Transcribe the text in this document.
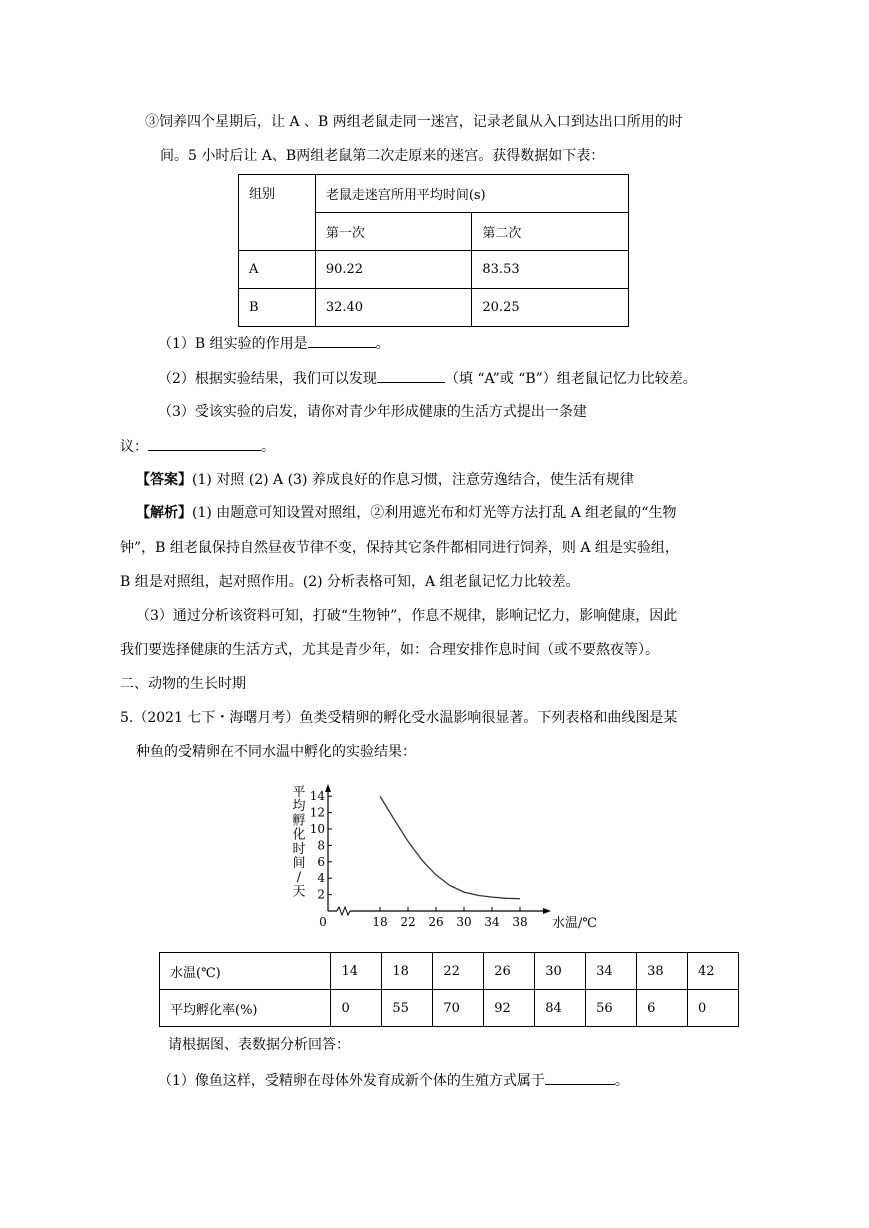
③饲养四个星期后，让 A 、B 两组老鼠走同一迷宫，记录老鼠从入口到达出口所用的时
间。5 小时后让 A、B两组老鼠第二次走原来的迷宫。获得数据如下表：
组别	老鼠走迷宫所用平均时间(s)	
	第一次	第二次
A	90.22	83.53
B	32.40	20.25
（1）B 组实验的作用是	。
（2）根据实验结果，我们可以发现	（填 “A”或 “B”）组老鼠记忆力比较差。
（3）受该实验的启发，请你对青少年形成健康的生活方式提出一条建
议：	。
【答案】(1) 对照 (2) A (3) 养成良好的作息习惯，注意劳逸结合，使生活有规律
【解析】(1) 由题意可知设置对照组，②利用遮光布和灯光等方法打乱 A 组老鼠的“生物
钟”，B 组老鼠保持自然昼夜节律不变，保持其它条件都相同进行饲养，则 A 组是实验组，
B 组是对照组，起对照作用。(2) 分析表格可知，A 组老鼠记忆力比较差。
（3）通过分析该资料可知，打破“生物钟”，作息不规律，影响记忆力，影响健康，因此
我们要选择健康的生活方式，尤其是青少年，如：合理安排作息时间（或不要熬夜等）。
二、动物的生长时期
5.（2021 七下・海曙月考）鱼类受精卵的孵化受水温影响很显著。下列表格和曲线图是某
种鱼的受精卵在不同水温中孵化的实验结果：
0	18 22 26 30 34 38 水温/℃
2
4
6
8
10
12
14
平均孵化时间/天
水温(℃)	14	18	22	26	30	34	38	42
平均孵化率(%)	0	55	70	92	84	56	6	0
请根据图、表数据分析回答：
（1）像鱼这样，受精卵在母体外发育成新个体的生殖方式属于	。
